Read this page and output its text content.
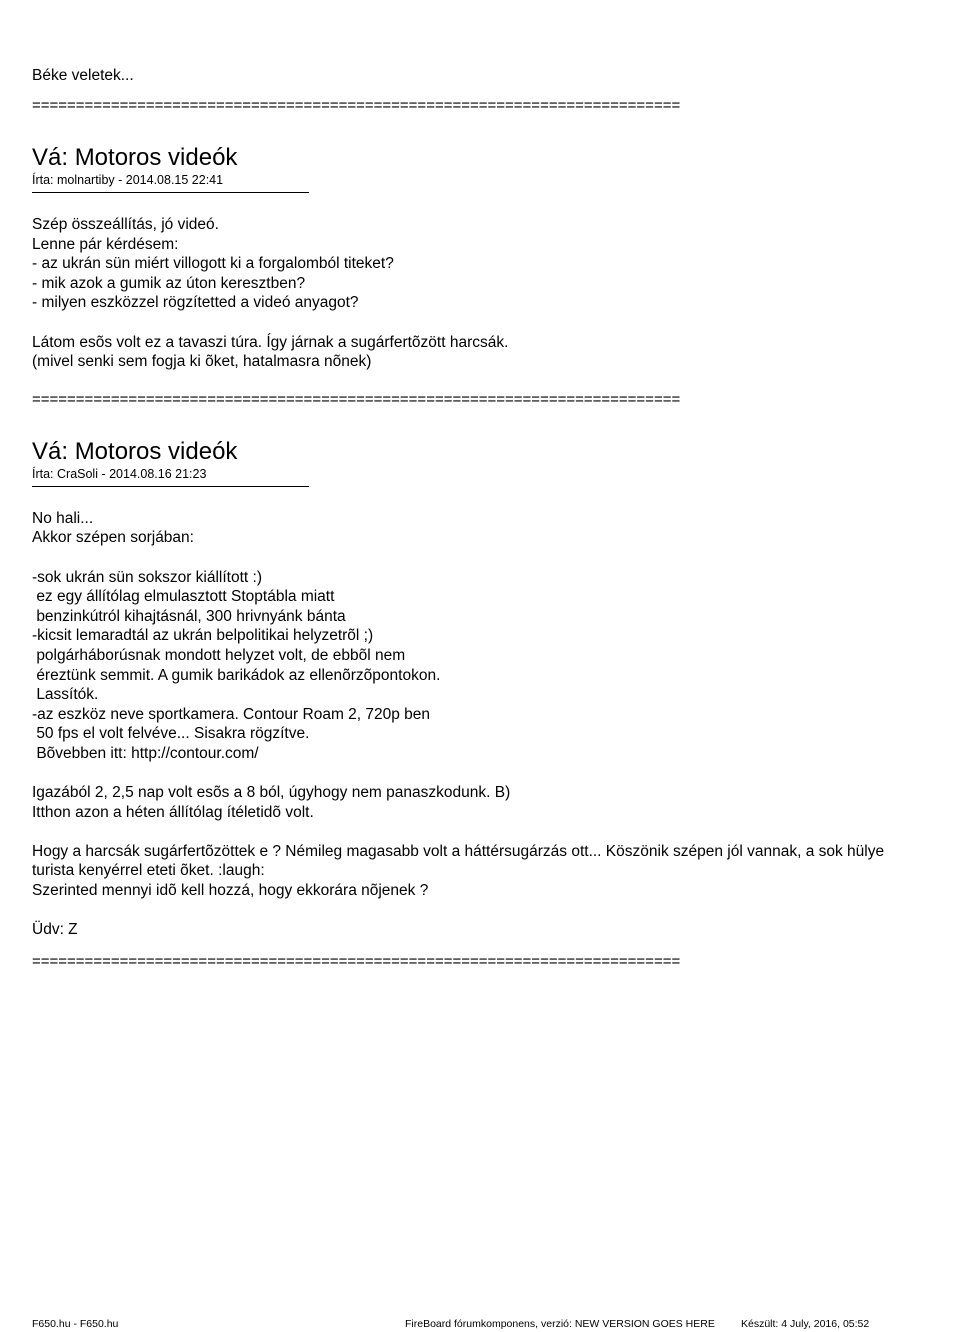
Béke veletek...

==========================================================================

Vá: Motoros videók

Írta: molnartiby - 2014.08.15 22:41

Szép összeállítás, jó videó.
Lenne pár kérdésem:
- az ukrán sün miért villogott ki a forgalomból titeket?
- mik azok a gumik az úton keresztben?
- milyen eszközzel rögzítetted a videó anyagot?
Látom esõs volt ez a tavaszi túra. Így járnak a sugárfertõzött harcsák.
(mivel senki sem fogja ki õket, hatalmasra nõnek)

==========================================================================

Vá: Motoros videók

Írta: CraSoli - 2014.08.16 21:23

No hali...
Akkor szépen sorjában:
-sok ukrán sün sokszor kiállított :)
ez egy állítólag elmulasztott Stoptábla miatt
benzinkútról kihajtásnál, 300 hrivnyánk bánta
-kicsit lemaradtál az ukrán belpolitikai helyzetrõl ;)
polgárháborúsnak mondott helyzet volt, de ebbõl nem
éreztünk semmit. A gumik barikádok az ellenõrzõpontokon.
Lassítók.
-az eszköz neve sportkamera. Contour Roam 2, 720p ben
50 fps el volt felvéve... Sisakra rögzítve.
Bõvebben itt: http://contour.com/
Igazából 2, 2,5 nap volt esõs a 8 ból, úgyhogy nem panaszkodunk. B)
Itthon azon a héten állítólag ítéletidõ volt.
Hogy a harcsák sugárfertõzöttek e ? Némileg magasabb volt a háttérsugárzás ott... Köszönik szépen jól vannak, a sok hülye
turista kenyérrel eteti õket. :laugh:
Szerinted mennyi idõ kell hozzá, hogy ekkorára nõjenek ?
Üdv: Z

==========================================================================

F650.hu - F650.hu	FireBoard fórumkomponens, verzió: NEW VERSION GOES HERE Készült: 4 July, 2016, 05:52
